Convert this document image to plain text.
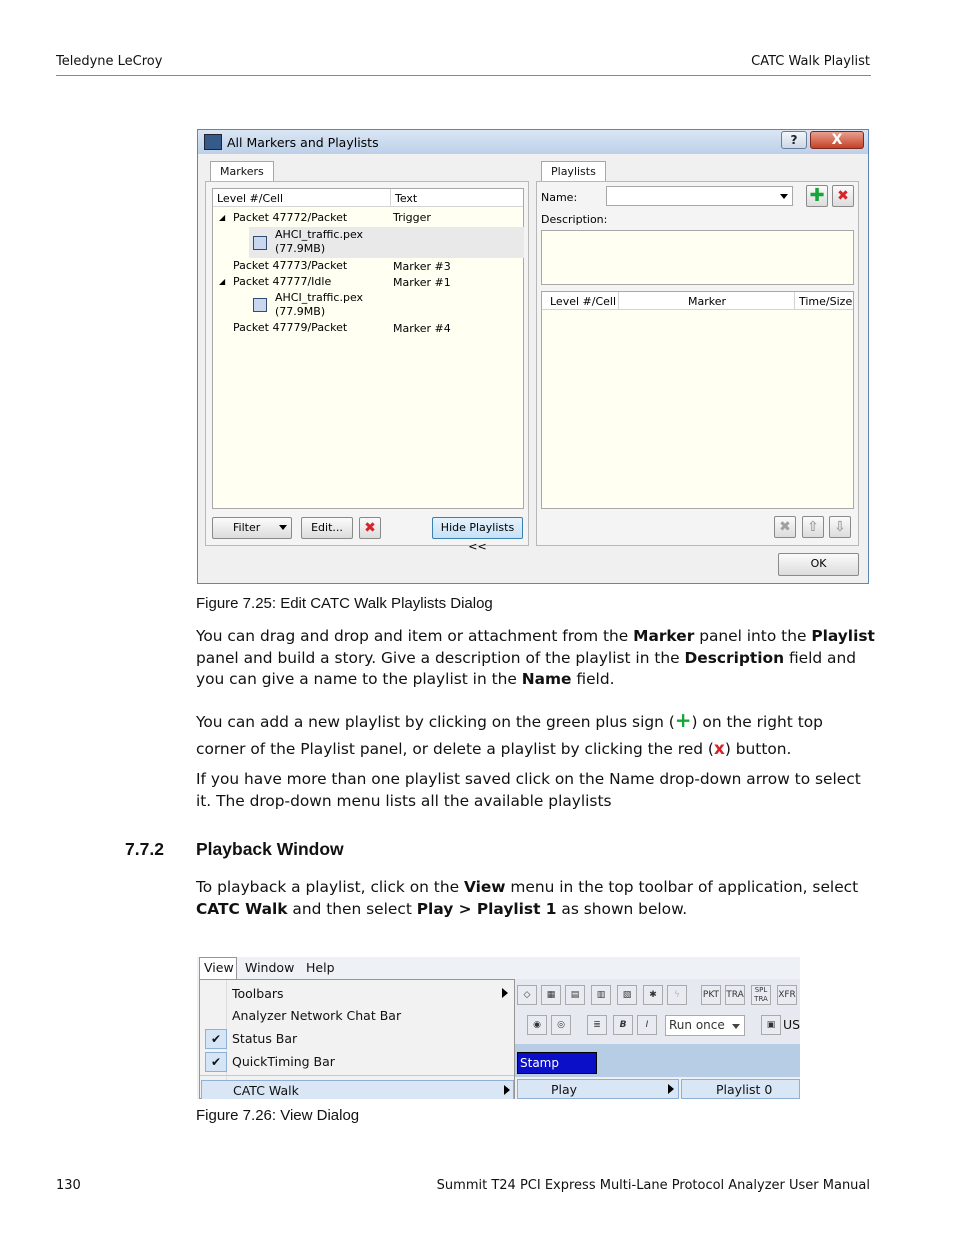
Teledyne LeCroy	CATC Walk Playlist
All Markers and Playlists	?	X
Markers
Level #/Cell	Text
◢ Packet 47772/Packet	Trigger
AHCI_traffic.pex
(77.9MB)
Packet 47773/Packet	Marker #3
◢ Packet 47777/Idle	Marker #1
AHCI_traffic.pex
(77.9MB)
Packet 47779/Packet	Marker #4
Filter	Edit...	✖	Hide Playlists <<
Playlists
Name:	✚ ✖
Description:
Level #/Cell	Marker	Time/Size
✖	⇧	⇩
OK
Figure 7.25: Edit CATC Walk Playlists Dialog

You can drag and drop and item or attachment from the Marker panel into the Playlist panel and build a story. Give a description of the playlist in the Description field and you can give a name to the playlist in the Name field.

You can add a new playlist by clicking on the green plus sign (+) on the right top corner of the Playlist panel, or delete a playlist by clicking the red (x) button.

If you have more than one playlist saved click on the Name drop-down arrow to select it. The drop-down menu lists all the available playlists

7.7.2 Playback Window

To playback a playlist, click on the View menu in the top toolbar of application, select CATC Walk and then select Play > Playlist 1 as shown below.

View Window Help
◇	▦	▤	▥	▧	✱	ϟ	PKT TRA	SPL TRA	XFR
◉	◎	≣	B	I	Run once	▣ US
Stamp
Toolbars
Analyzer Network Chat Bar
✔ Status Bar
✔ QuickTiming Bar
CATC Walk	Play	Playlist 0
Figure 7.26: View Dialog
130	Summit T24 PCI Express Multi-Lane Protocol Analyzer User Manual
